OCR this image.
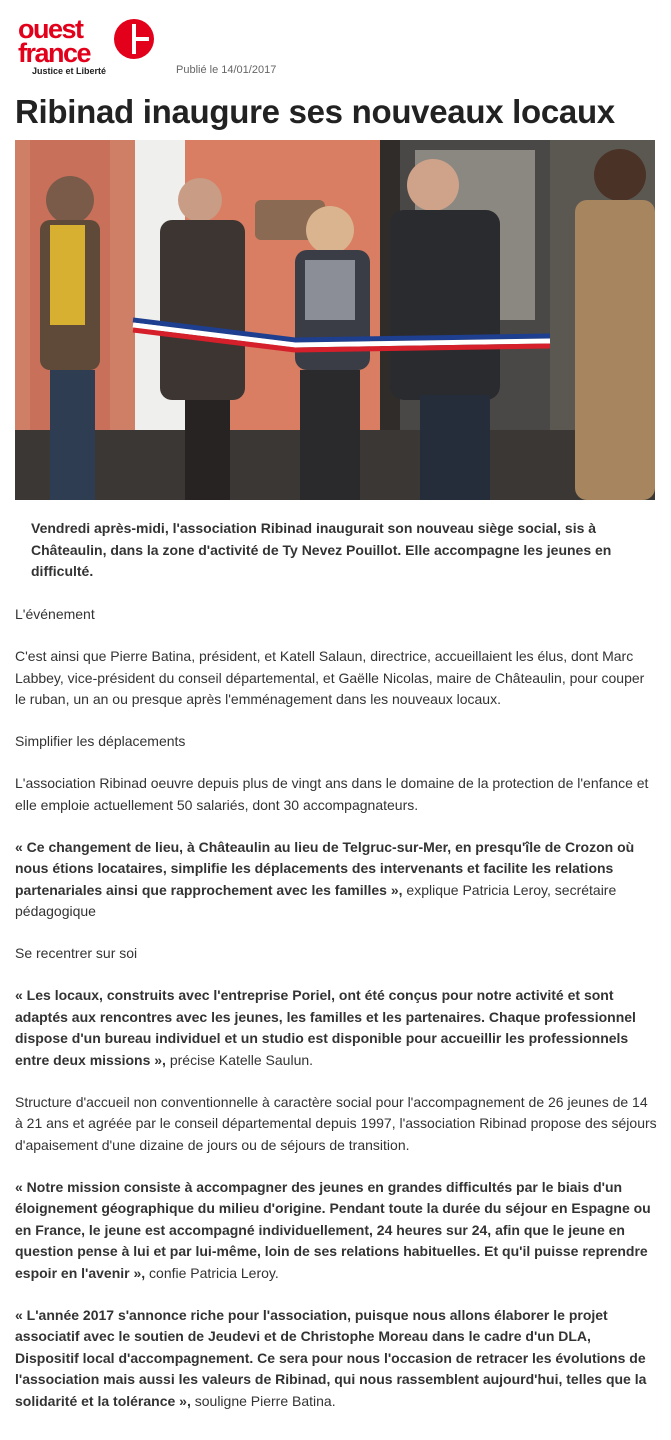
ouest
france
Justice et Liberté	Publié le 14/01/2017
Ribinad inaugure ses nouveaux locaux
Vendredi après-midi, l'association Ribinad inaugurait son nouveau siège social, sis à Châteaulin, dans la zone d'activité de Ty Nevez Pouillot. Elle accompagne les jeunes en difficulté.

L'événement

C'est ainsi que Pierre Batina, président, et Katell Salaun, directrice, accueillaient les élus, dont Marc Labbey, vice-président du conseil départemental, et Gaëlle Nicolas, maire de Châteaulin, pour couper le ruban, un an ou presque après l'emménagement dans les nouveaux locaux.

Simplifier les déplacements

L'association Ribinad oeuvre depuis plus de vingt ans dans le domaine de la protection de l'enfance et elle emploie actuellement 50 salariés, dont 30 accompagnateurs.

« Ce changement de lieu, à Châteaulin au lieu de Telgruc-sur-Mer, en presqu'île de Crozon où nous étions locataires, simplifie les déplacements des intervenants et facilite les relations partenariales ainsi que rapprochement avec les familles », explique Patricia Leroy, secrétaire pédagogique

Se recentrer sur soi

« Les locaux, construits avec l'entreprise Poriel, ont été conçus pour notre activité et sont adaptés aux rencontres avec les jeunes, les familles et les partenaires. Chaque professionnel dispose d'un bureau individuel et un studio est disponible pour accueillir les professionnels entre deux missions », précise Katelle Saulun.

Structure d'accueil non conventionnelle à caractère social pour l'accompagnement de 26 jeunes de 14 à 21 ans et agréée par le conseil départemental depuis 1997, l'association Ribinad propose des séjours d'apaisement d'une dizaine de jours ou de séjours de transition.

« Notre mission consiste à accompagner des jeunes en grandes difficultés par le biais d'un éloignement géographique du milieu d'origine. Pendant toute la durée du séjour en Espagne ou en France, le jeune est accompagné individuellement, 24 heures sur 24, afin que le jeune en question pense à lui et par lui-même, loin de ses relations habituelles. Et qu'il puisse reprendre espoir en l'avenir », confie Patricia Leroy.

« L'année 2017 s'annonce riche pour l'association, puisque nous allons élaborer le projet associatif avec le soutien de Jeudevi et de Christophe Moreau dans le cadre d'un DLA, Dispositif local d'accompagnement. Ce sera pour nous l'occasion de retracer les évolutions de l'association mais aussi les valeurs de Ribinad, qui nous rassemblent aujourd'hui, telles que la solidarité et la tolérance », souligne Pierre Batina.
